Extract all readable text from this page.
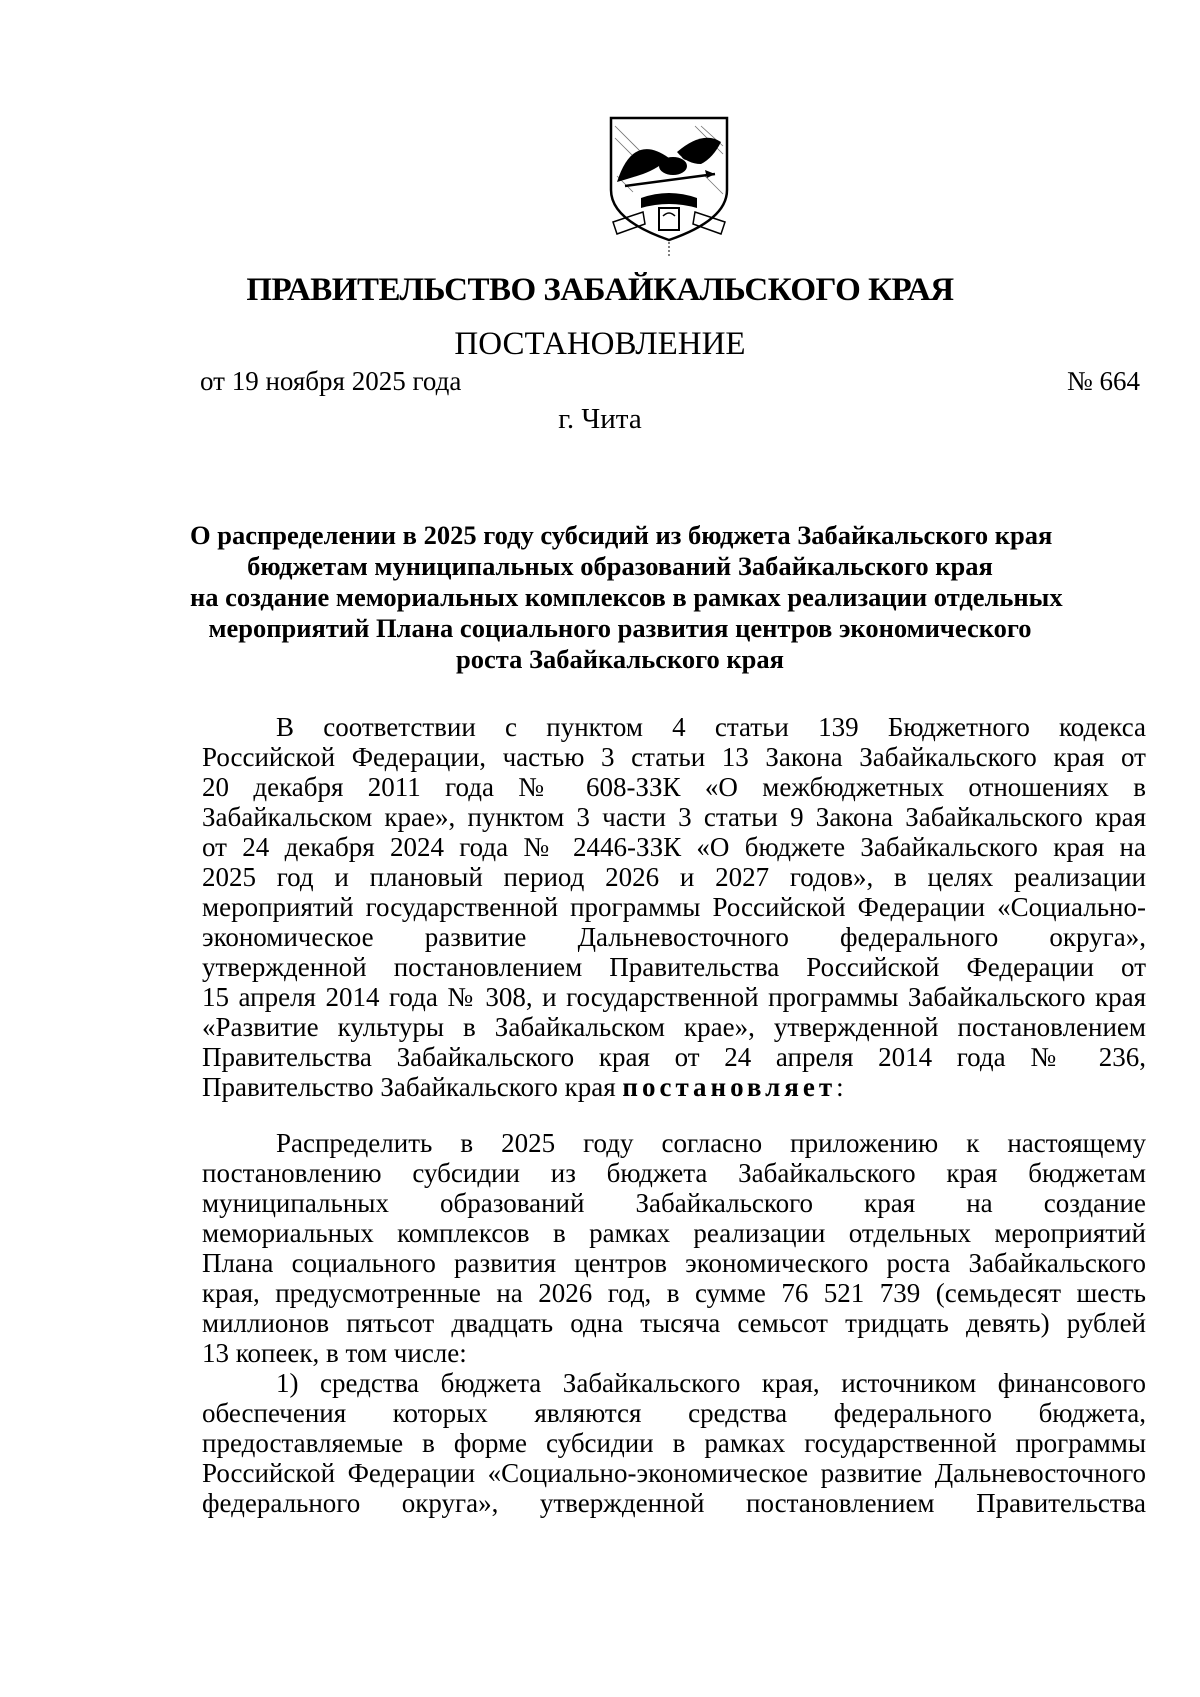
ПРАВИТЕЛЬСТВО ЗАБАЙКАЛЬСКОГО КРАЯ
ПОСТАНОВЛЕНИЕ
от 19 ноября 2025 года	№ 664
г. Чита
О распределении в 2025 году субсидий из бюджета Забайкальского края
бюджетам муниципальных образований Забайкальского края
на создание мемориальных комплексов в рамках реализации отдельных
мероприятий Плана социального развития центров экономического
роста Забайкальского края
В соответствии с пунктом 4 статьи 139 Бюджетного кодекса
Российской Федерации, частью 3 статьи 13 Закона Забайкальского края от
20 декабря 2011 года № 608-ЗЗК «О межбюджетных отношениях в
Забайкальском крае», пунктом 3 части 3 статьи 9 Закона Забайкальского края
от 24 декабря 2024 года № 2446-ЗЗК «О бюджете Забайкальского края на
2025 год и плановый период 2026 и 2027 годов», в целях реализации
мероприятий государственной программы Российской Федерации «Социально-
экономическое развитие Дальневосточного федерального округа»,
утвержденной постановлением Правительства Российской Федерации от
15 апреля 2014 года № 308, и государственной программы Забайкальского края
«Развитие культуры в Забайкальском крае», утвержденной постановлением
Правительства Забайкальского края от 24 апреля 2014 года № 236,
Правительство Забайкальского края постановляет:
Распределить в 2025 году согласно приложению к настоящему
постановлению субсидии из бюджета Забайкальского края бюджетам
муниципальных образований Забайкальского края на создание
мемориальных комплексов в рамках реализации отдельных мероприятий
Плана социального развития центров экономического роста Забайкальского
края, предусмотренные на 2026 год, в сумме 76 521 739 (семьдесят шесть
миллионов пятьсот двадцать одна тысяча семьсот тридцать девять) рублей
13 копеек, в том числе:
1) средства бюджета Забайкальского края, источником финансового
обеспечения которых являются средства федерального бюджета,
предоставляемые в форме субсидии в рамках государственной программы
Российской Федерации «Социально-экономическое развитие Дальневосточного
федерального округа», утвержденной постановлением Правительства
